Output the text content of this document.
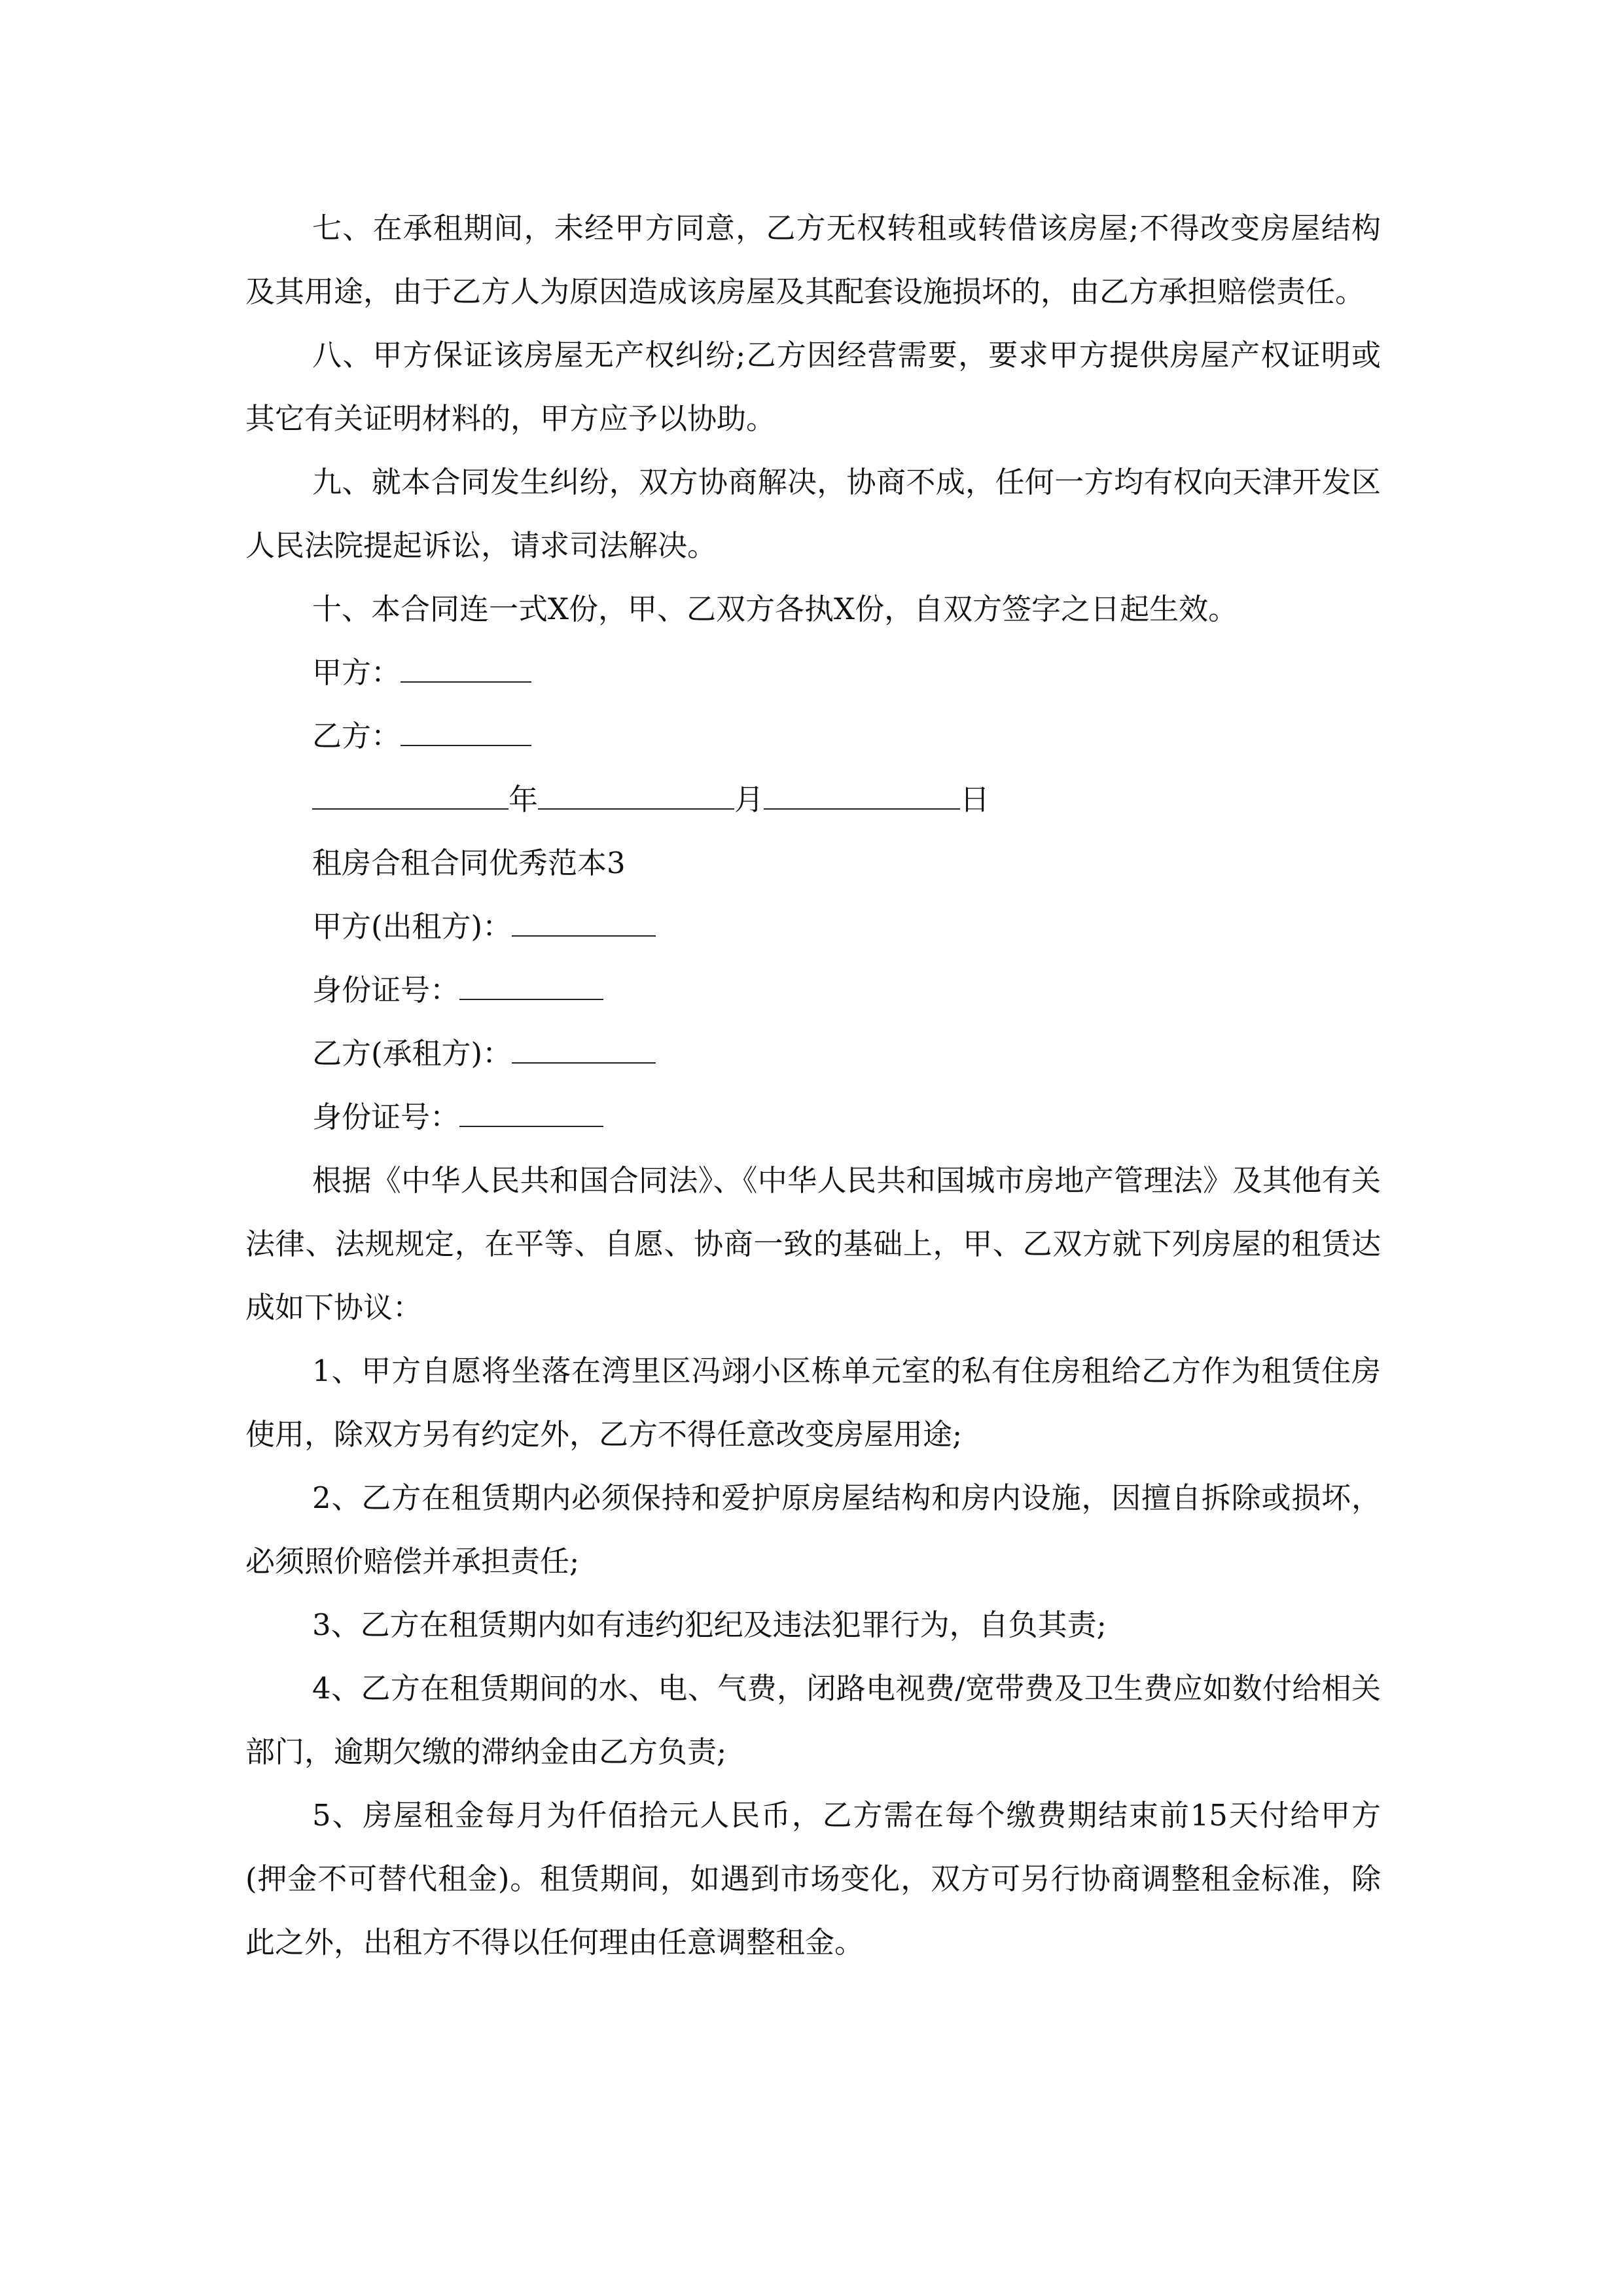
七、在承租期间，未经甲方同意，乙方无权转租或转借该房屋;不得改变房屋结构及其用途，由于乙方人为原因造成该房屋及其配套设施损坏的，由乙方承担赔偿责任。

八、甲方保证该房屋无产权纠纷;乙方因经营需要，要求甲方提供房屋产权证明或其它有关证明材料的，甲方应予以协助。

九、就本合同发生纠纷，双方协商解决，协商不成，任何一方均有权向天津开发区人民法院提起诉讼，请求司法解决。

十、本合同连一式X份，甲、乙双方各执X份，自双方签字之日起生效。

甲方：
乙方：
年	月	日
租房合租合同优秀范本3
甲方(出租方)：
身份证号：
乙方(承租方)：
身份证号：

根据《中华人民共和国合同法》、《中华人民共和国城市房地产管理法》及其他有关法律、法规规定，在平等、自愿、协商一致的基础上，甲、乙双方就下列房屋的租赁达成如下协议：

1、甲方自愿将坐落在湾里区冯翊小区栋单元室的私有住房租给乙方作为租赁住房使用，除双方另有约定外，乙方不得任意改变房屋用途;

2、乙方在租赁期内必须保持和爱护原房屋结构和房内设施，因擅自拆除或损坏，必须照价赔偿并承担责任;

3、乙方在租赁期内如有违约犯纪及违法犯罪行为，自负其责;

4、乙方在租赁期间的水、电、气费，闭路电视费/宽带费及卫生费应如数付给相关部门，逾期欠缴的滞纳金由乙方负责;

5、房屋租金每月为仟佰拾元人民币，乙方需在每个缴费期结束前15天付给甲方(押金不可替代租金)。租赁期间，如遇到市场变化，双方可另行协商调整租金标准，除此之外，出租方不得以任何理由任意调整租金。
